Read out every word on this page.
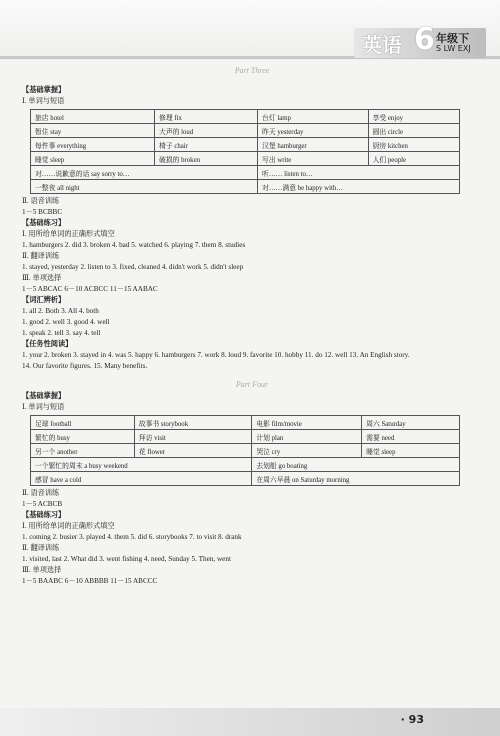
英语 6 年级下
S LW EXJ
Part Three
【基础掌握】
Ⅰ. 单词与短语
旅店 hotel	修理 fix	台灯 lamp	享受 enjoy
暂住 stay	大声的 loud	昨天 yesterday	圆出 circle
每件事 everything	椅子 chair	汉堡 hamburger	厨房 kitchen
睡觉 sleep	破损的 broken	写出 write	人们 people
对……说歉意的话 say sorry to…		听…… listen to…	
一整夜 all night		对……满意 be happy with…	
Ⅱ. 语音训练
1－5 BCBBC
【基础练习】
Ⅰ. 用所给单词的正确形式填空
1. hamburgers 2. did 3. broken 4. bad 5. watched 6. playing 7. them 8. studies
Ⅱ. 翻译训练
1. stayed, yesterday 2. listen to 3. fixed, cleaned 4. didn't work 5. didn't sleep
Ⅲ. 单项选择
1－5 ABCAC 6－10 ACBCC 11－15 AABAC
【词汇辨析】
1. all 2. Both 3. All 4. both
1. good 2. well 3. good 4. well
1. speak 2. tell 3. say 4. tell
【任务性阅读】
1. your 2. broken 3. stayed in 4. was 5. happy 6. hamburgers 7. work 8. loud 9. favorite 10. hobby 11. do 12. well 13. An English story.
14. Our favorite figures. 15. Many benefits.
Part Four
【基础掌握】
Ⅰ. 单词与短语
足球 football	故事书 storybook	电影 film/movie	周六 Saturday
繁忙的 busy	拜访 visit	计划 plan	需要 need
另一个 another	花 flower	哭泣 cry	睡觉 sleep
一个繁忙的周末 a busy weekend		去划船 go boating	
感冒 have a cold		在周六早晨 on Saturday morning	
Ⅱ. 语音训练
1－5 ACBCB
【基础练习】
Ⅰ. 用所给单词的正确形式填空
1. coming 2. busier 3. played 4. them 5. did 6. storybooks 7. to visit 8. drank
Ⅱ. 翻译训练
1. visited, last 2. What did 3. went fishing 4. need, Sunday 5. Then, went
Ⅲ. 单项选择
1－5 BAABC 6－10 ABBBB 11－15 ABCCC
· 93
